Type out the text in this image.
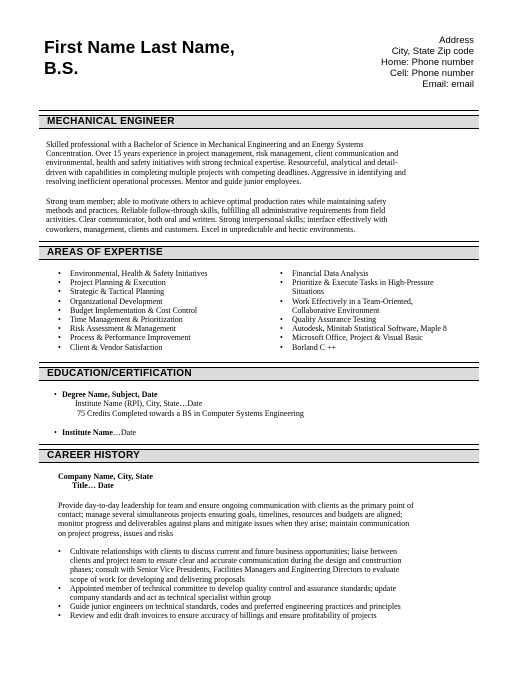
First Name Last Name,
B.S.
Address
City, State Zip code
Home: Phone number
Cell: Phone number
Email: email
MECHANICAL ENGINEER
Skilled professional with a Bachelor of Science in Mechanical Engineering and an Energy Systems
Concentration. Over 15 years experience in project management, risk management, client communication and
environmental, health and safety initiatives with strong technical expertise. Resourceful, analytical and detail-
driven with capabilities in completing multiple projects with competing deadlines. Aggressive in identifying and
resolving inefficient operational processes. Mentor and guide junior employees.
Strong team member; able to motivate others to achieve optimal production rates while maintaining safety
methods and practices. Reliable follow-through skills, fulfilling all administrative requirements from field
activities. Clear communicator, both oral and written. Strong interpersonal skills; interface effectively with
coworkers, management, clients and customers. Excel in unpredictable and hectic environments.
AREAS OF EXPERTISE
• Environmental, Health & Safety Initiatives
• Project Planning & Execution
• Strategic & Tactical Planning
• Organizational Development
• Budget Implementation & Cost Control
• Time Management & Prioritization
• Risk Assessment & Management
• Process & Performance Improvement
• Client & Vendor Satisfaction
• Financial Data Analysis
• Prioritize & Execute Tasks in High-Pressure
Situations
• Work Effectively in a Team-Oriented,
Collaborative Environment
• Quality Assurance Testing
• Autodesk, Minitab Statistical Software, Maple 8
• Microsoft Office, Project & Visual Basic
• Borland C ++
EDUCATION/CERTIFICATION
• Degree Name, Subject, Date
Institute Name (RPI), City, State…Date
75 Credits Completed towards a BS in Computer Systems Engineering
• Institute Name…Date
CAREER HISTORY
Company Name, City, State
Title… Date
Provide day-to-day leadership for team and ensure ongoing communication with clients as the primary point of
contact; manage several simultaneous projects ensuring goals, timelines, resources and budgets are aligned;
monitor progress and deliverables against plans and mitigate issues when they arise; maintain communication
on project progress, issues and risks
• Cultivate relationships with clients to discuss current and future business opportunities; liaise between
clients and project team to ensure clear and accurate communication during the design and construction
phases; consult with Senior Vice Presidents, Facilities Managers and Engineering Directors to evaluate
scope of work for developing and delivering proposals
• Appointed member of technical committee to develop quality control and assurance standards; update
company standards and act as technical specialist within group
• Guide junior engineers on technical standards, codes and preferred engineering practices and principles
• Review and edit draft invoices to ensure accuracy of billings and ensure profitability of projects
